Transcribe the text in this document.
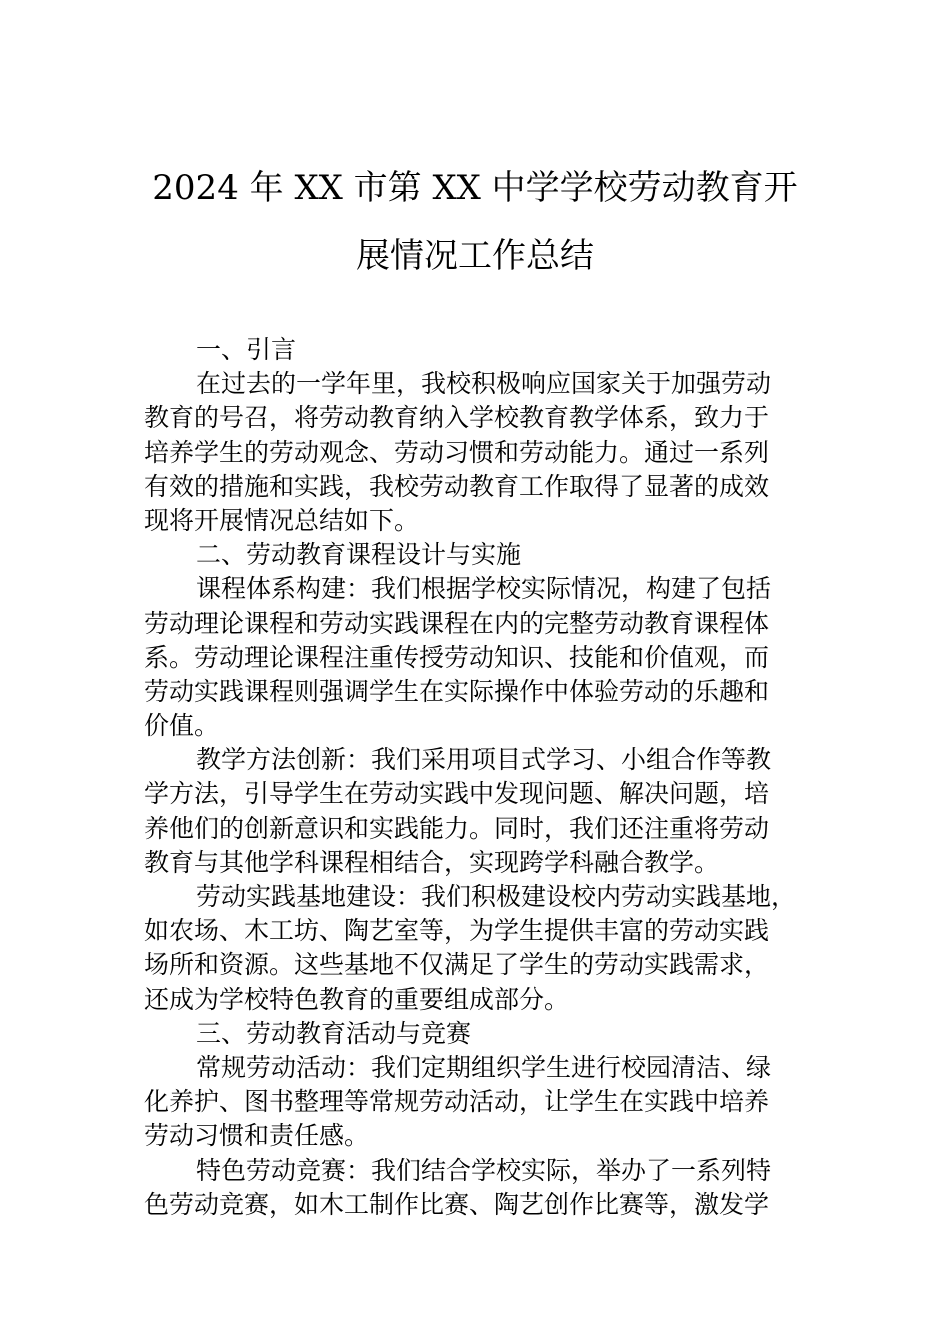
2024 年 XX 市第 XX 中学学校劳动教育开
展情况工作总结
一、引言
在过去的一学年里，我校积极响应国家关于加强劳动
教育的号召，将劳动教育纳入学校教育教学体系，致力于
培养学生的劳动观念、劳动习惯和劳动能力。通过一系列
有效的措施和实践，我校劳动教育工作取得了显著的成效
现将开展情况总结如下。
二、劳动教育课程设计与实施
课程体系构建：我们根据学校实际情况，构建了包括
劳动理论课程和劳动实践课程在内的完整劳动教育课程体
系。劳动理论课程注重传授劳动知识、技能和价值观，而
劳动实践课程则强调学生在实际操作中体验劳动的乐趣和
价值。
教学方法创新：我们采用项目式学习、小组合作等教
学方法，引导学生在劳动实践中发现问题、解决问题，培
养他们的创新意识和实践能力。同时，我们还注重将劳动
教育与其他学科课程相结合，实现跨学科融合教学。
劳动实践基地建设：我们积极建设校内劳动实践基地，
如农场、木工坊、陶艺室等，为学生提供丰富的劳动实践
场所和资源。这些基地不仅满足了学生的劳动实践需求，
还成为学校特色教育的重要组成部分。
三、劳动教育活动与竞赛
常规劳动活动：我们定期组织学生进行校园清洁、绿
化养护、图书整理等常规劳动活动，让学生在实践中培养
劳动习惯和责任感。
特色劳动竞赛：我们结合学校实际，举办了一系列特
色劳动竞赛，如木工制作比赛、陶艺创作比赛等，激发学
